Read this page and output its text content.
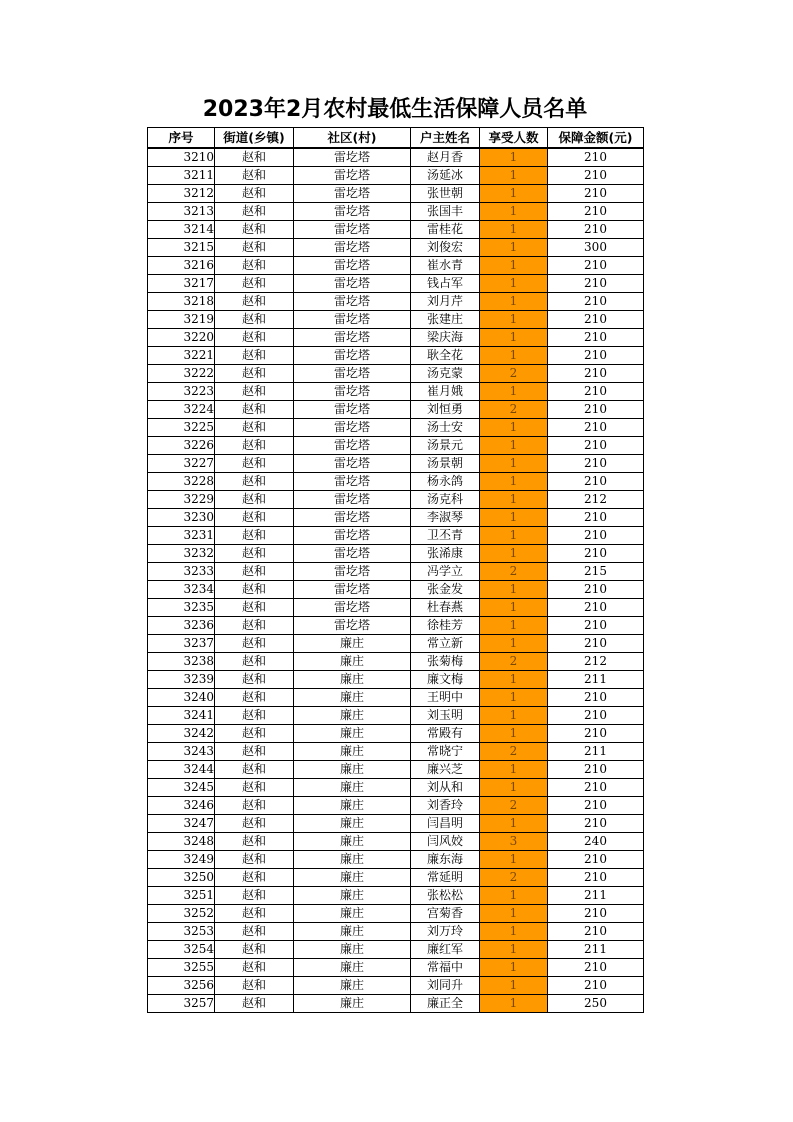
2023年2月农村最低生活保障人员名单
序号	街道(乡镇)	社区(村)	户主姓名	享受人数	保障金额(元)
3210	赵和	雷圪塔	赵月香	1	210
3211	赵和	雷圪塔	汤延冰	1	210
3212	赵和	雷圪塔	张世朝	1	210
3213	赵和	雷圪塔	张国丰	1	210
3214	赵和	雷圪塔	雷桂花	1	210
3215	赵和	雷圪塔	刘俊宏	1	300
3216	赵和	雷圪塔	崔水青	1	210
3217	赵和	雷圪塔	钱占军	1	210
3218	赵和	雷圪塔	刘月芹	1	210
3219	赵和	雷圪塔	张建庄	1	210
3220	赵和	雷圪塔	梁庆海	1	210
3221	赵和	雷圪塔	耿全花	1	210
3222	赵和	雷圪塔	汤克蒙	2	210
3223	赵和	雷圪塔	崔月娥	1	210
3224	赵和	雷圪塔	刘恒勇	2	210
3225	赵和	雷圪塔	汤士安	1	210
3226	赵和	雷圪塔	汤景元	1	210
3227	赵和	雷圪塔	汤景朝	1	210
3228	赵和	雷圪塔	杨永鸽	1	210
3229	赵和	雷圪塔	汤克科	1	212
3230	赵和	雷圪塔	李淑琴	1	210
3231	赵和	雷圪塔	卫丕青	1	210
3232	赵和	雷圪塔	张浠康	1	210
3233	赵和	雷圪塔	冯学立	2	215
3234	赵和	雷圪塔	张金发	1	210
3235	赵和	雷圪塔	杜春燕	1	210
3236	赵和	雷圪塔	徐桂芳	1	210
3237	赵和	廉庄	常立新	1	210
3238	赵和	廉庄	张菊梅	2	212
3239	赵和	廉庄	廉文梅	1	211
3240	赵和	廉庄	王明中	1	210
3241	赵和	廉庄	刘玉明	1	210
3242	赵和	廉庄	常殿有	1	210
3243	赵和	廉庄	常晓宁	2	211
3244	赵和	廉庄	廉兴芝	1	210
3245	赵和	廉庄	刘从和	1	210
3246	赵和	廉庄	刘香玲	2	210
3247	赵和	廉庄	闫昌明	1	210
3248	赵和	廉庄	闫风姣	3	240
3249	赵和	廉庄	廉东海	1	210
3250	赵和	廉庄	常延明	2	210
3251	赵和	廉庄	张松松	1	211
3252	赵和	廉庄	宫菊香	1	210
3253	赵和	廉庄	刘万玲	1	210
3254	赵和	廉庄	廉红军	1	211
3255	赵和	廉庄	常福中	1	210
3256	赵和	廉庄	刘同升	1	210
3257	赵和	廉庄	廉正全	1	250
